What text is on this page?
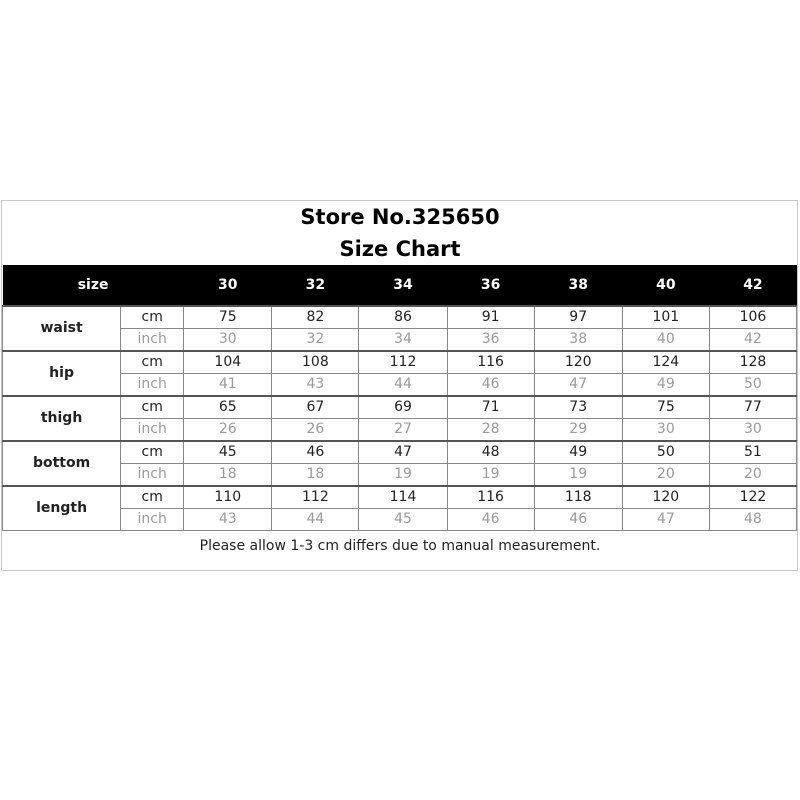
Store No.325650
Size Chart
size		30	32	34	36	38	40	42
waist	cm	75	82	86	91	97	101	106
	inch	30	32	34	36	38	40	42
hip	cm	104	108	112	116	120	124	128
	inch	41	43	44	46	47	49	50
thigh	cm	65	67	69	71	73	75	77
	inch	26	26	27	28	29	30	30
bottom	cm	45	46	47	48	49	50	51
	inch	18	18	19	19	19	20	20
length	cm	110	112	114	116	118	120	122
	inch	43	44	45	46	46	47	48
Please allow 1-3 cm differs due to manual measurement.
